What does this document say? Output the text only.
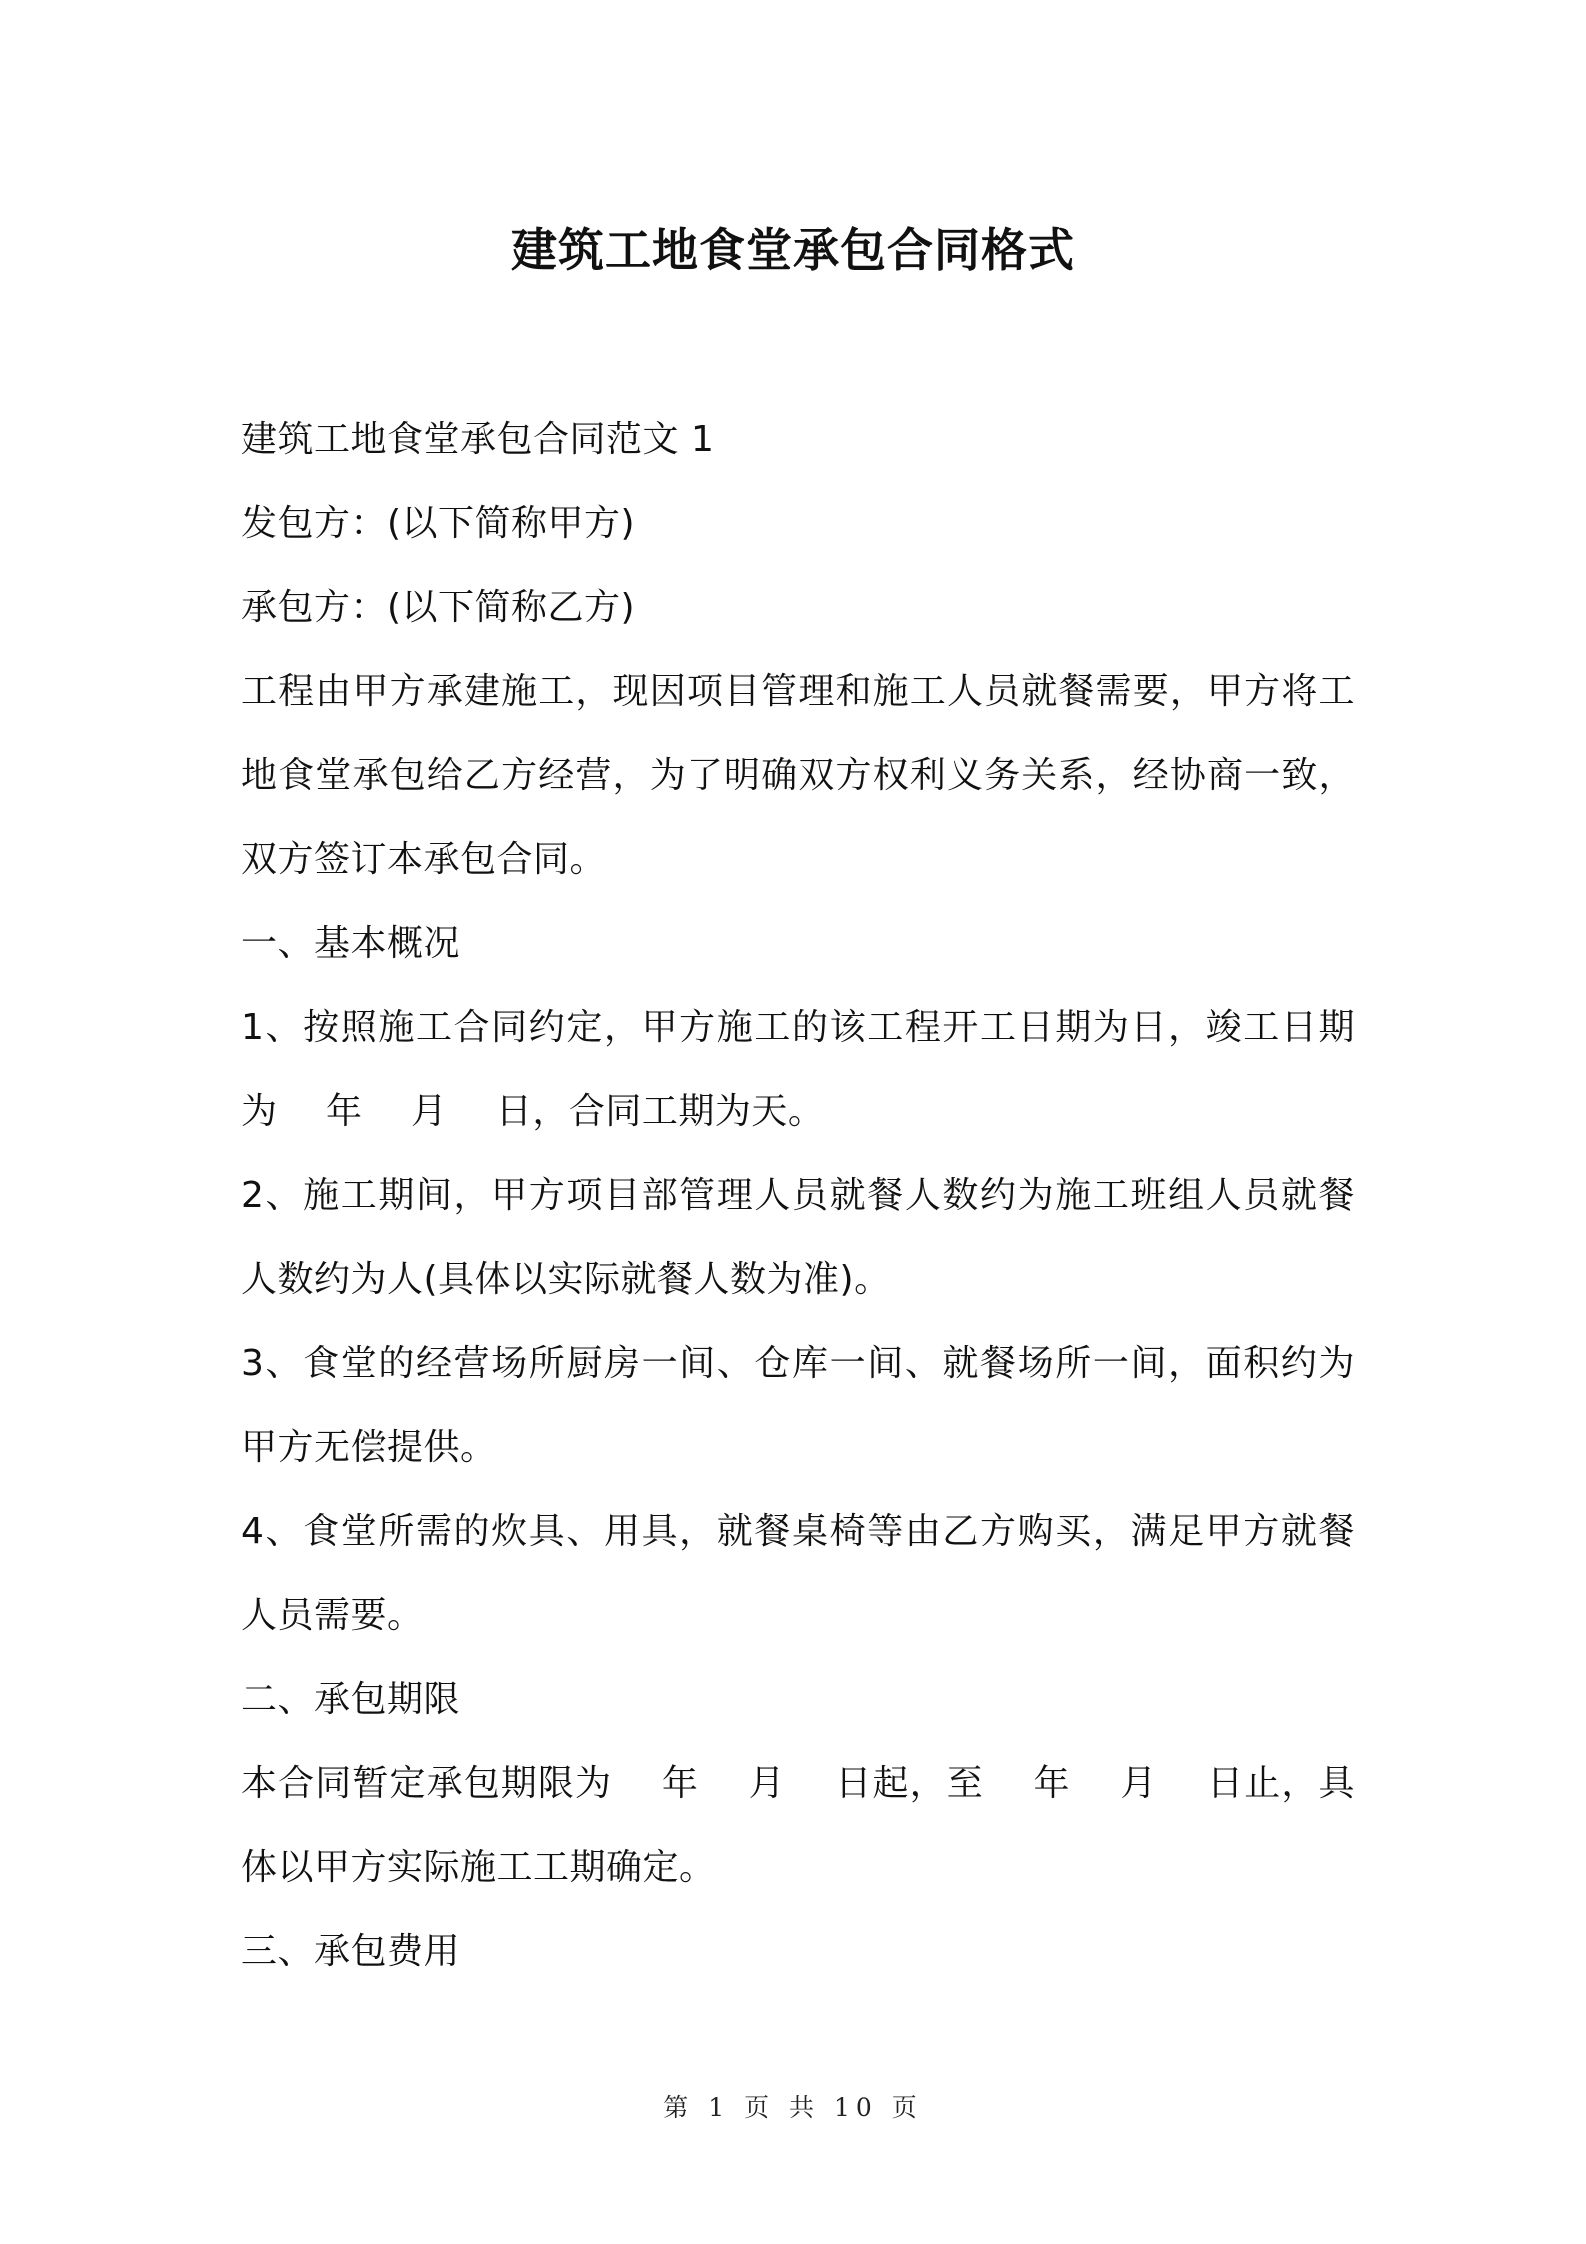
建筑工地食堂承包合同格式

建筑工地食堂承包合同范文 1

发包方：(以下简称甲方)

承包方：(以下简称乙方)

工程由甲方承建施工，现因项目管理和施工人员就餐需要，甲方将工地食堂承包给乙方经营，为了明确双方权利义务关系，经协商一致，双方签订本承包合同。

一、基本概况

1、按照施工合同约定，甲方施工的该工程开工日期为日，竣工日期为　 年　 月　 日，合同工期为天。

2、施工期间，甲方项目部管理人员就餐人数约为施工班组人员就餐人数约为人(具体以实际就餐人数为准)。

3、食堂的经营场所厨房一间、仓库一间、就餐场所一间，面积约为甲方无偿提供。

4、食堂所需的炊具、用具，就餐桌椅等由乙方购买，满足甲方就餐人员需要。

二、承包期限

本合同暂定承包期限为　 年　 月　 日起，至　 年　 月　 日止，具体以甲方实际施工工期确定。

三、承包费用

第 1 页 共 10 页
